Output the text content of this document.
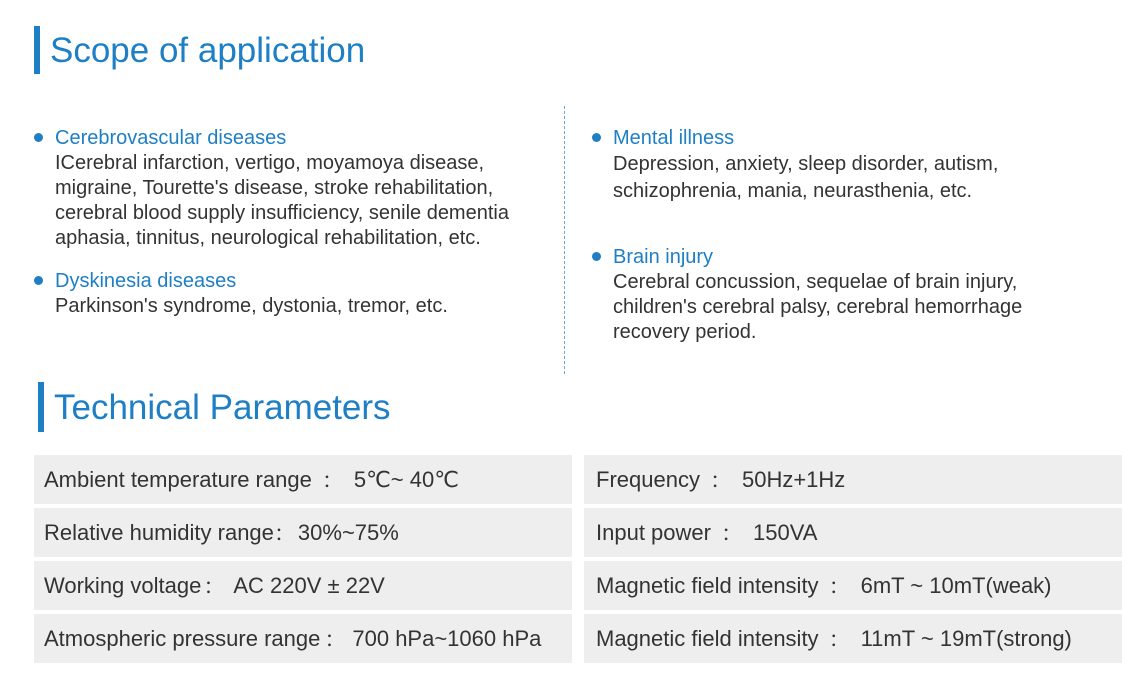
Scope of application
Cerebrovascular diseases
ICerebral infarction, vertigo, moyamoya disease, migraine, Tourette's disease, stroke rehabilitation, cerebral blood supply insufficiency, senile dementia aphasia, tinnitus, neurological rehabilitation, etc.
Dyskinesia diseases
Parkinson's syndrome, dystonia, tremor, etc.
Mental illness
Depression, anxiety, sleep disorder, autism, schizophrenia, mania, neurasthenia, etc.
Brain injury
Cerebral concussion, sequelae of brain injury, children's cerebral palsy, cerebral hemorrhage recovery period.
Technical Parameters
Ambient temperature range ： 5℃~ 40℃
Relative humidity range ： 30%~75%
Working voltage ： AC 220V ± 22V
Atmospheric pressure range ： 700 hPa~1060 hPa
Frequency ： 50Hz+1Hz
Input power ： 150VA
Magnetic field intensity ： 6mT ~ 10mT(weak)
Magnetic field intensity ： 11mT ~ 19mT(strong)
